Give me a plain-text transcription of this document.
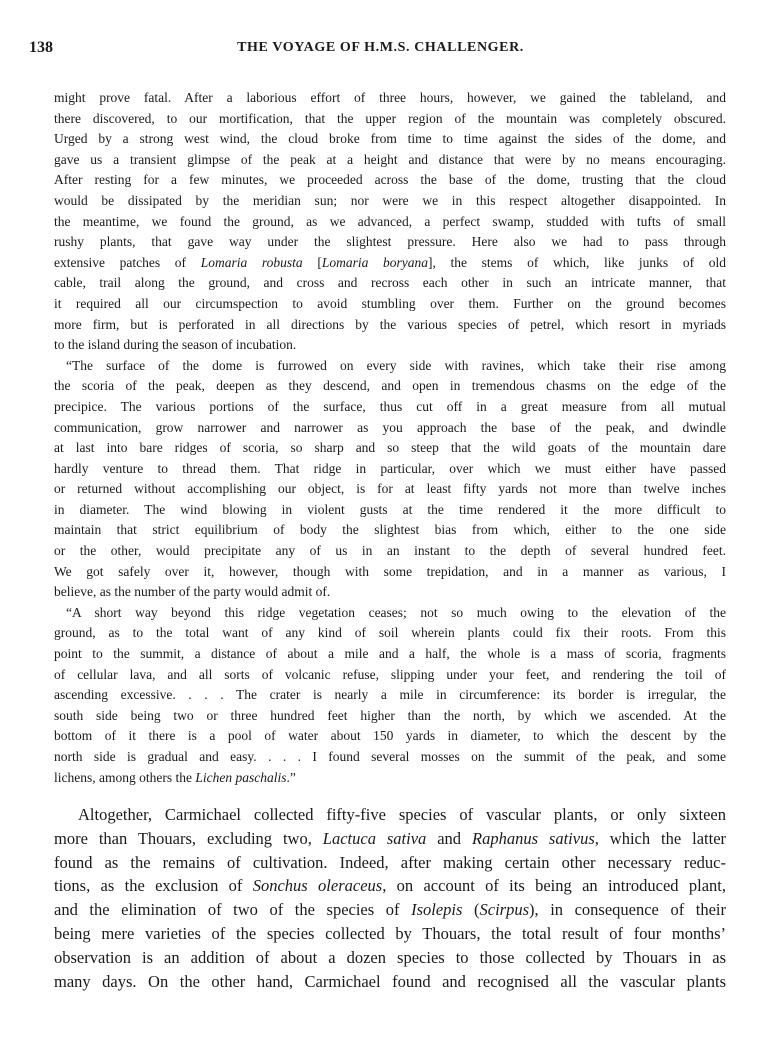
138	THE VOYAGE OF H.M.S. CHALLENGER.
might prove fatal. After a laborious effort of three hours, however, we gained the tableland, and
there discovered, to our mortification, that the upper region of the mountain was completely obscured.
Urged by a strong west wind, the cloud broke from time to time against the sides of the dome, and
gave us a transient glimpse of the peak at a height and distance that were by no means encouraging.
After resting for a few minutes, we proceeded across the base of the dome, trusting that the cloud
would be dissipated by the meridian sun; nor were we in this respect altogether disappointed. In
the meantime, we found the ground, as we advanced, a perfect swamp, studded with tufts of small
rushy plants, that gave way under the slightest pressure. Here also we had to pass through
extensive patches of Lomaria robusta [Lomaria boryana], the stems of which, like junks of old
cable, trail along the ground, and cross and recross each other in such an intricate manner, that
it required all our circumspection to avoid stumbling over them. Further on the ground becomes
more firm, but is perforated in all directions by the various species of petrel, which resort in myriads
to the island during the season of incubation.
“The surface of the dome is furrowed on every side with ravines, which take their rise among
the scoria of the peak, deepen as they descend, and open in tremendous chasms on the edge of the
precipice. The various portions of the surface, thus cut off in a great measure from all mutual
communication, grow narrower and narrower as you approach the base of the peak, and dwindle
at last into bare ridges of scoria, so sharp and so steep that the wild goats of the mountain dare
hardly venture to thread them. That ridge in particular, over which we must either have passed
or returned without accomplishing our object, is for at least fifty yards not more than twelve inches
in diameter. The wind blowing in violent gusts at the time rendered it the more difficult to
maintain that strict equilibrium of body the slightest bias from which, either to the one side
or the other, would precipitate any of us in an instant to the depth of several hundred feet.
We got safely over it, however, though with some trepidation, and in a manner as various, I
believe, as the number of the party would admit of.
“A short way beyond this ridge vegetation ceases; not so much owing to the elevation of the
ground, as to the total want of any kind of soil wherein plants could fix their roots. From this
point to the summit, a distance of about a mile and a half, the whole is a mass of scoria, fragments
of cellular lava, and all sorts of volcanic refuse, slipping under your feet, and rendering the toil of
ascending excessive. . . . The crater is nearly a mile in circumference: its border is irregular, the
south side being two or three hundred feet higher than the north, by which we ascended. At the
bottom of it there is a pool of water about 150 yards in diameter, to which the descent by the
north side is gradual and easy. . . . I found several mosses on the summit of the peak, and some
lichens, among others the Lichen paschalis.”
Altogether, Carmichael collected fifty-five species of vascular plants, or only sixteen
more than Thouars, excluding two, Lactuca sativa and Raphanus sativus, which the latter
found as the remains of cultivation. Indeed, after making certain other necessary reduc-
tions, as the exclusion of Sonchus oleraceus, on account of its being an introduced plant,
and the elimination of two of the species of Isolepis (Scirpus), in consequence of their
being mere varieties of the species collected by Thouars, the total result of four months’
observation is an addition of about a dozen species to those collected by Thouars in as
many days. On the other hand, Carmichael found and recognised all the vascular plants
